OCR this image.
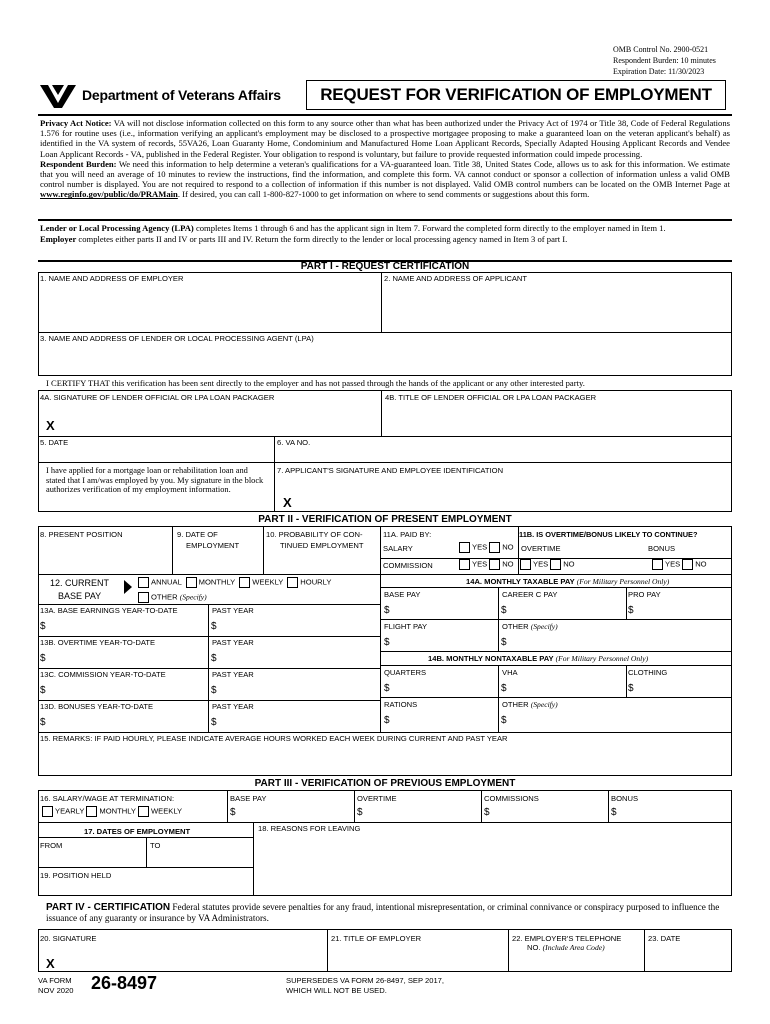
OMB Control No. 2900-0521
Respondent Burden: 10 minutes
Expiration Date: 11/30/2023
Department of Veterans Affairs	REQUEST FOR VERIFICATION OF EMPLOYMENT
Privacy Act Notice: VA will not disclose information collected on this form to any source other than what has been authorized under the Privacy Act of 1974 or Title 38, Code of Federal Regulations 1.576 for routine uses (i.e., information verifying an applicant's employment may be disclosed to a prospective mortgagee proposing to make a guaranteed loan on the veteran applicant's behalf) as identified in the VA system of records, 55VA26, Loan Guaranty Home, Condominium and Manufactured Home Loan Applicant Records, Specially Adapted Housing Applicant Records and Vendee Loan Applicant Records - VA, published in the Federal Register. Your obligation to respond is voluntary, but failure to provide requested information could impede processing.
Respondent Burden: We need this information to help determine a veteran's qualifications for a VA-guaranteed loan. Title 38, United States Code, allows us to ask for this information. We estimate that you will need an average of 10 minutes to review the instructions, find the information, and complete this form. VA cannot conduct or sponsor a collection of information unless a valid OMB control number is displayed. You are not required to respond to a collection of information if this number is not displayed. Valid OMB control numbers can be located on the OMB Internet Page at www.reginfo.gov/public/do/PRAMain. If desired, you can call 1-800-827-1000 to get information on where to send comments or suggestions about this form.
Lender or Local Processing Agency (LPA) completes Items 1 through 6 and has the applicant sign in Item 7. Forward the completed form directly to the employer named in Item 1.
Employer completes either parts II and IV or parts III and IV. Return the form directly to the lender or local processing agency named in Item 3 of part I.
PART I - REQUEST CERTIFICATION
1. NAME AND ADDRESS OF EMPLOYER	2. NAME AND ADDRESS OF APPLICANT
3. NAME AND ADDRESS OF LENDER OR LOCAL PROCESSING AGENT (LPA)
I CERTIFY THAT this verification has been sent directly to the employer and has not passed through the hands of the applicant or any other interested party.
4A. SIGNATURE OF LENDER OFFICIAL OR LPA LOAN PACKAGER
X
4B. TITLE OF LENDER OFFICIAL OR LPA LOAN PACKAGER
5. DATE	6. VA NO.
I have applied for a mortgage loan or rehabilitation loan and stated that I am/was employed by you. My signature in the block authorizes verification of my employment information.
7. APPLICANT'S SIGNATURE AND EMPLOYEE IDENTIFICATION
X
PART II - VERIFICATION OF PRESENT EMPLOYMENT
8. PRESENT POSITION	9. DATE OF
EMPLOYMENT
10. PROBABILITY OF CON-
TINUED EMPLOYMENT
11A. PAID BY:
SALARY	YES NO
COMMISSION	YES NO
11B. IS OVERTIME/BONUS LIKELY TO CONTINUE?
OVERTIME
YES NO
BONUS
YES NO
12. CURRENT
BASE PAY
ANNUAL MONTHLY WEEKLY HOURLY
OTHER (Specify)
13A. BASE EARNINGS YEAR-TO-DATE	PAST YEAR
$	$
13B. OVERTIME YEAR-TO-DATE	PAST YEAR
$	$
13C. COMMISSION YEAR-TO-DATE	PAST YEAR
$	$
13D. BONUSES YEAR-TO-DATE	PAST YEAR
$	$
14A. MONTHLY TAXABLE PAY (For Military Personnel Only)
BASE PAY	CAREER C PAY	PRO PAY
$	$	$
FLIGHT PAY	OTHER (Specify)
$	$
14B. MONTHLY NONTAXABLE PAY (For Military Personnel Only)
QUARTERS	VHA	CLOTHING
$	$	$
RATIONS	OTHER (Specify)
$	$
15. REMARKS: IF PAID HOURLY, PLEASE INDICATE AVERAGE HOURS WORKED EACH WEEK DURING CURRENT AND PAST YEAR
PART III - VERIFICATION OF PREVIOUS EMPLOYMENT
16. SALARY/WAGE AT TERMINATION:
YEARLY MONTHLY WEEKLY
BASE PAY
$
OVERTIME
$
COMMISSIONS
$
BONUS
$
17. DATES OF EMPLOYMENT
FROM	TO
19. POSITION HELD
18. REASONS FOR LEAVING
PART IV - CERTIFICATION Federal statutes provide severe penalties for any fraud, intentional misrepresentation, or criminal connivance or conspiracy purposed to influence the issuance of any guaranty or insurance by VA Administrators.
20. SIGNATURE
X
21. TITLE OF EMPLOYER	22. EMPLOYER'S TELEPHONE
NO. (Include Area Code)
23. DATE
VA FORM
NOV 2020 26-8497	SUPERSEDES VA FORM 26-8497, SEP 2017,
WHICH WILL NOT BE USED.
